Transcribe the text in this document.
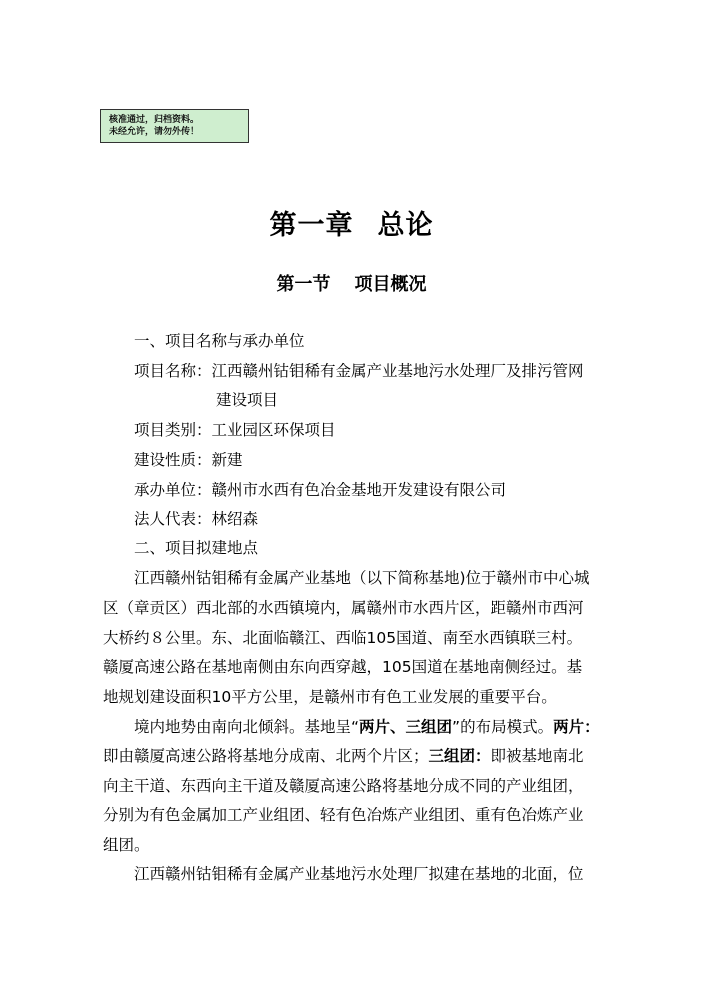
核准通过，归档资料。
未经允许，请勿外传！
第一章 总论
第一节 项目概况
一、项目名称与承办单位
项目名称：江西赣州钴钼稀有金属产业基地污水处理厂及排污管网
建设项目
项目类别：工业园区环保项目
建设性质：新建
承办单位：赣州市水西有色冶金基地开发建设有限公司
法人代表：林绍森
二、项目拟建地点
江西赣州钴钼稀有金属产业基地（以下简称基地)位于赣州市中心城
区（章贡区）西北部的水西镇境内，属赣州市水西片区，距赣州市西河
大桥约８公里。东、北面临赣江、西临105国道、南至水西镇联三村。
赣厦高速公路在基地南侧由东向西穿越，105国道在基地南侧经过。基
地规划建设面积10平方公里，是赣州市有色工业发展的重要平台。
境内地势由南向北倾斜。基地呈“两片、三组团”的布局模式。两片：
即由赣厦高速公路将基地分成南、北两个片区；三组团：即被基地南北
向主干道、东西向主干道及赣厦高速公路将基地分成不同的产业组团，
分别为有色金属加工产业组团、轻有色冶炼产业组团、重有色冶炼产业
组团。
江西赣州钴钼稀有金属产业基地污水处理厂拟建在基地的北面，位
